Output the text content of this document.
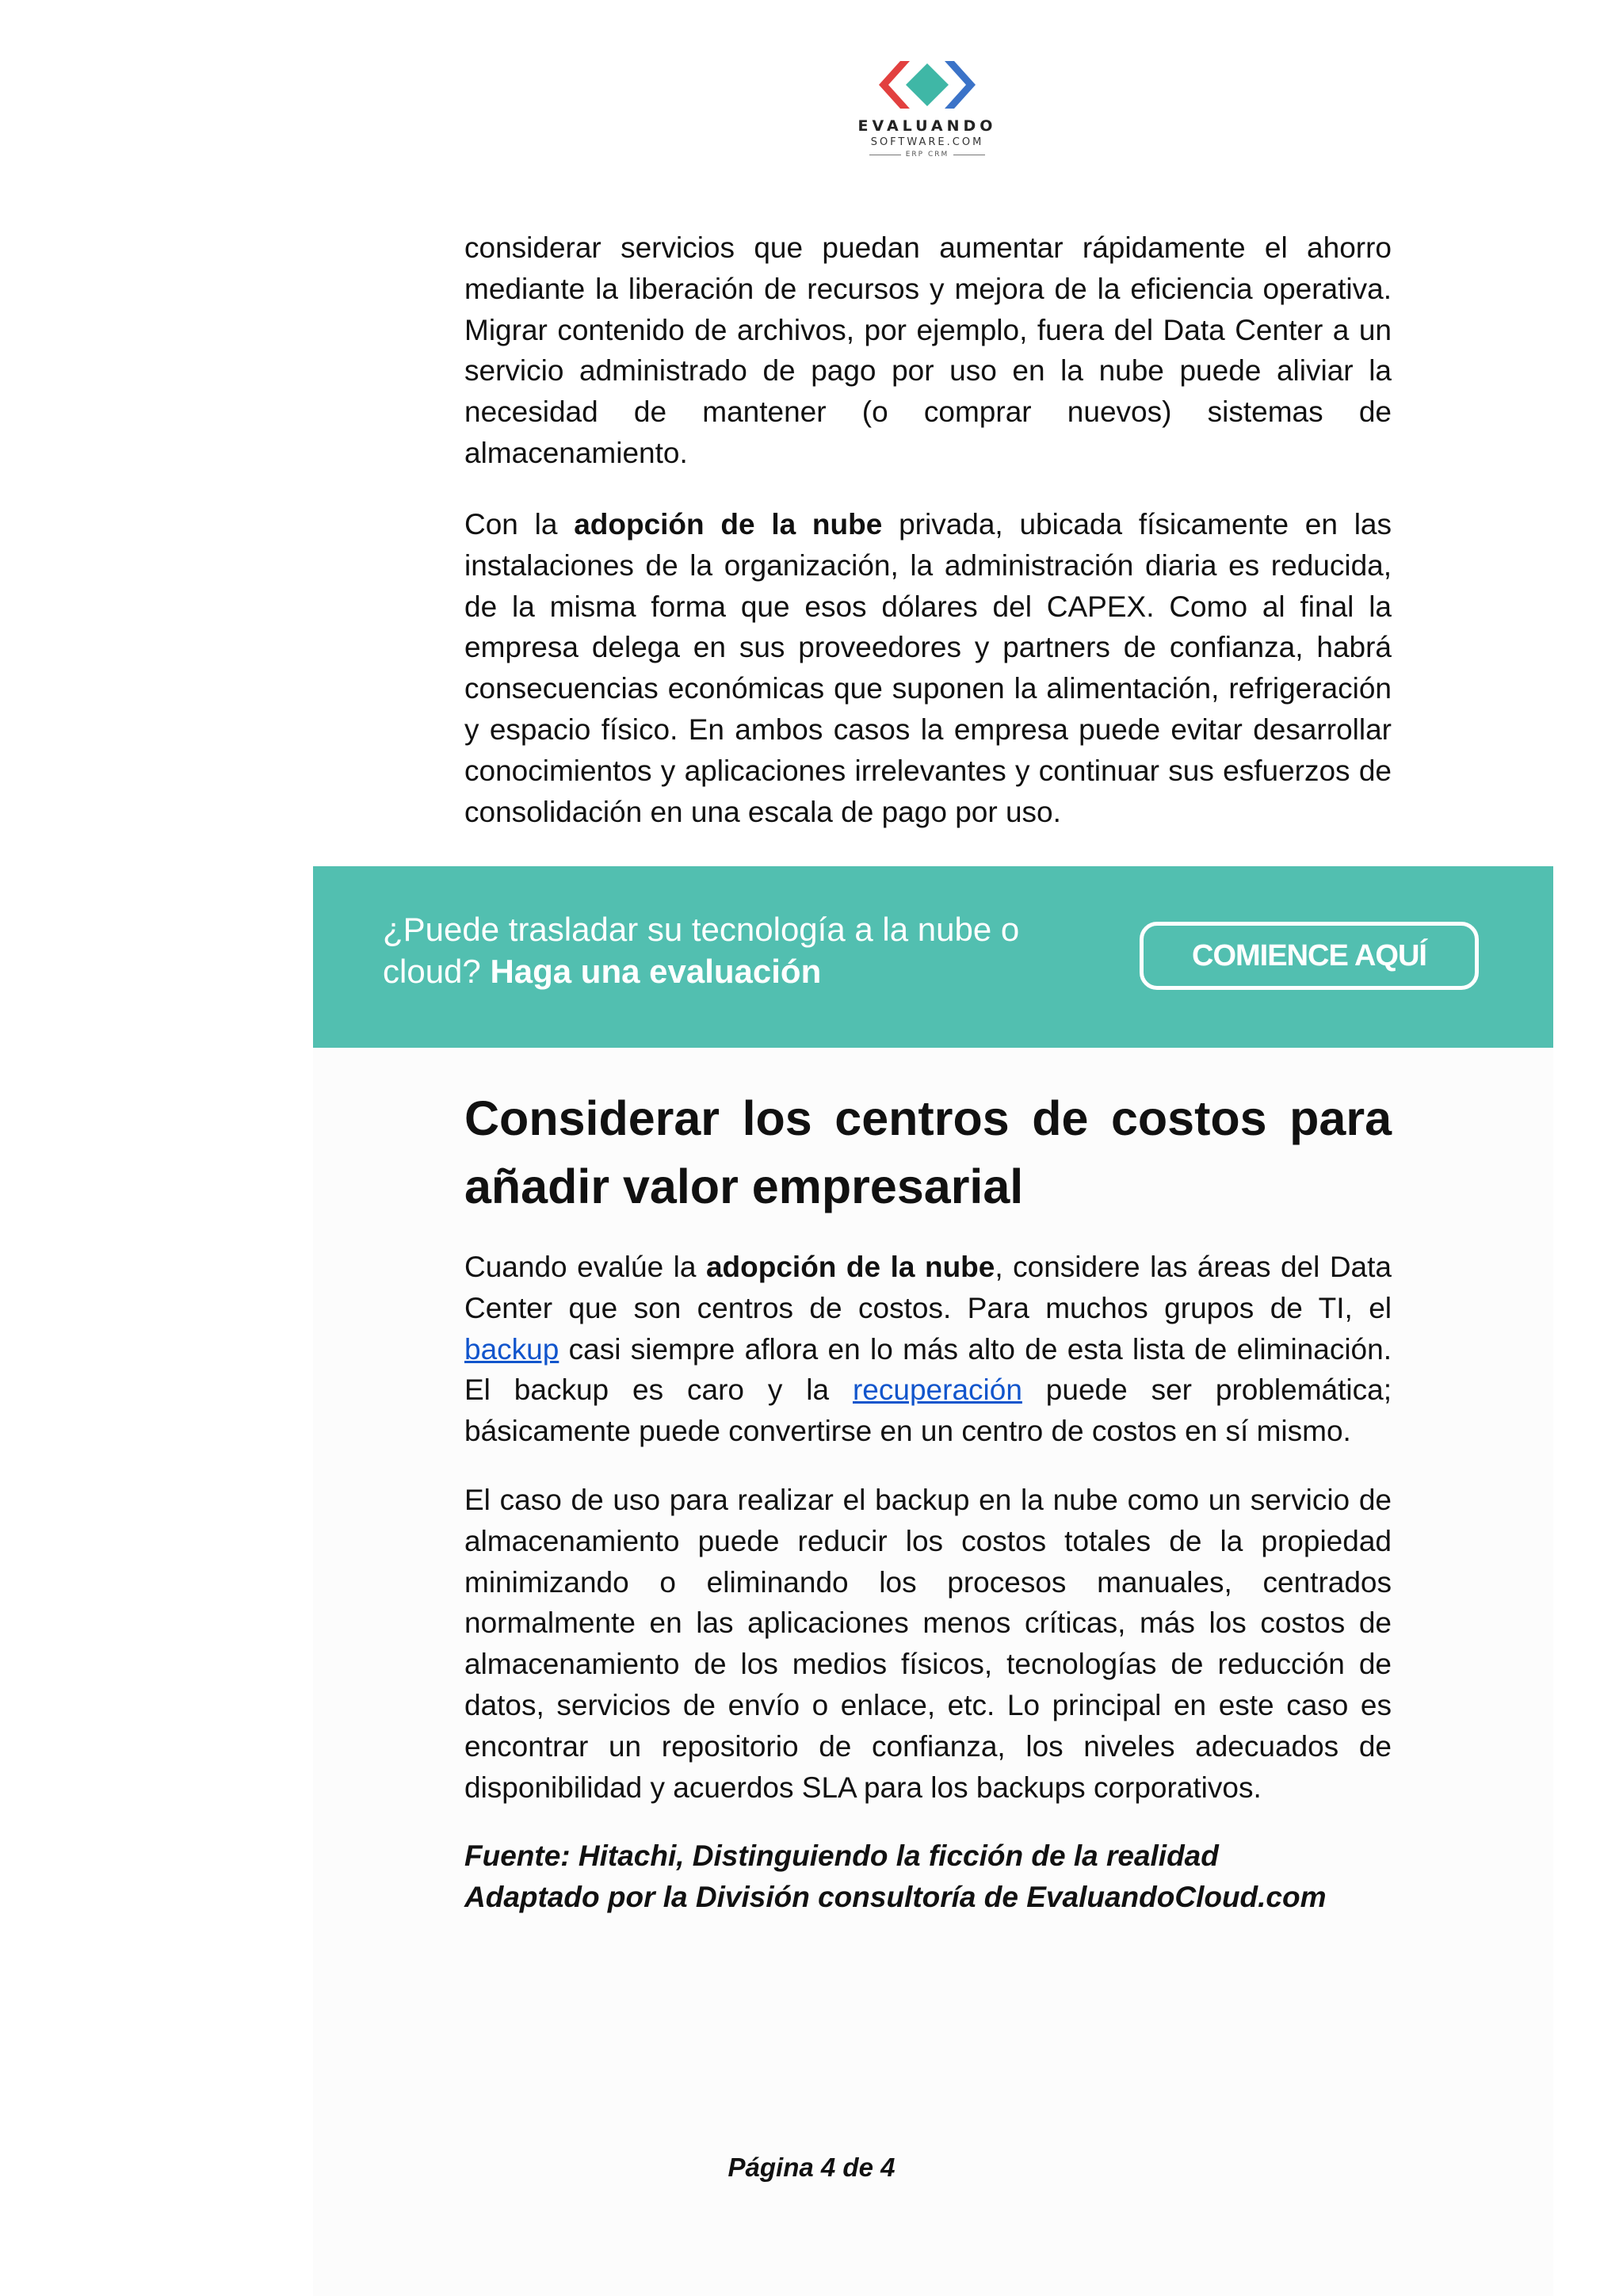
EVALUANDO
SOFTWARE.COM
ERP CRM

considerar servicios que puedan aumentar rápidamente el ahorro mediante la liberación de recursos y mejora de la eficiencia operativa. Migrar contenido de archivos, por ejemplo, fuera del Data Center a un servicio administrado de pago por uso en la nube puede aliviar la necesidad de mantener (o comprar nuevos) sistemas de almacenamiento.

Con la adopción de la nube privada, ubicada físicamente en las instalaciones de la organización, la administración diaria es reducida, de la misma forma que esos dólares del CAPEX. Como al final la empresa delega en sus proveedores y partners de confianza, habrá consecuencias económicas que suponen la alimentación, refrigeración y espacio físico. En ambos casos la empresa puede evitar desarrollar conocimientos y aplicaciones irrelevantes y continuar sus esfuerzos de consolidación en una escala de pago por uso.

¿Puede trasladar su tecnología a la nube o cloud? Haga una evaluación	COMIENCE AQUÍ
Considerar los centros de costos para añadir valor empresarial

Cuando evalúe la adopción de la nube, considere las áreas del Data Center que son centros de costos. Para muchos grupos de TI, el backup casi siempre aflora en lo más alto de esta lista de eliminación. El backup es caro y la recuperación puede ser problemática; básicamente puede convertirse en un centro de costos en sí mismo.

El caso de uso para realizar el backup en la nube como un servicio de almacenamiento puede reducir los costos totales de la propiedad minimizando o eliminando los procesos manuales, centrados normalmente en las aplicaciones menos críticas, más los costos de almacenamiento de los medios físicos, tecnologías de reducción de datos, servicios de envío o enlace, etc. Lo principal en este caso es encontrar un repositorio de confianza, los niveles adecuados de disponibilidad y acuerdos SLA para los backups corporativos.

Fuente: Hitachi, Distinguiendo la ficción de la realidad
Adaptado por la División consultoría de EvaluandoCloud.com

Página 4 de 4
